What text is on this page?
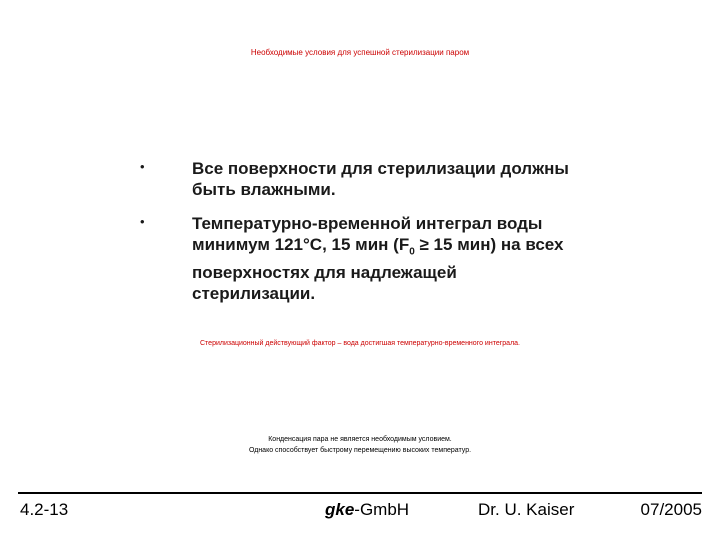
Необходимые условия для успешной стерилизации паром
•	Все поверхности для стерилизации должны быть влажными.
•	Температурно-временной интеграл воды минимум 121°C, 15 мин ($F_0 \ge 15$ мин) на всех поверхностях для надлежащей стерилизации.
Стерилизационный действующий фактор – вода достигшая температурно-временного интеграла.
Конденсация пара не является необходимым условием.
Однако способствует быстрому перемещению высоких температур.
4.2-13	gke-GmbH	Dr. U. Kaiser	07/2005
